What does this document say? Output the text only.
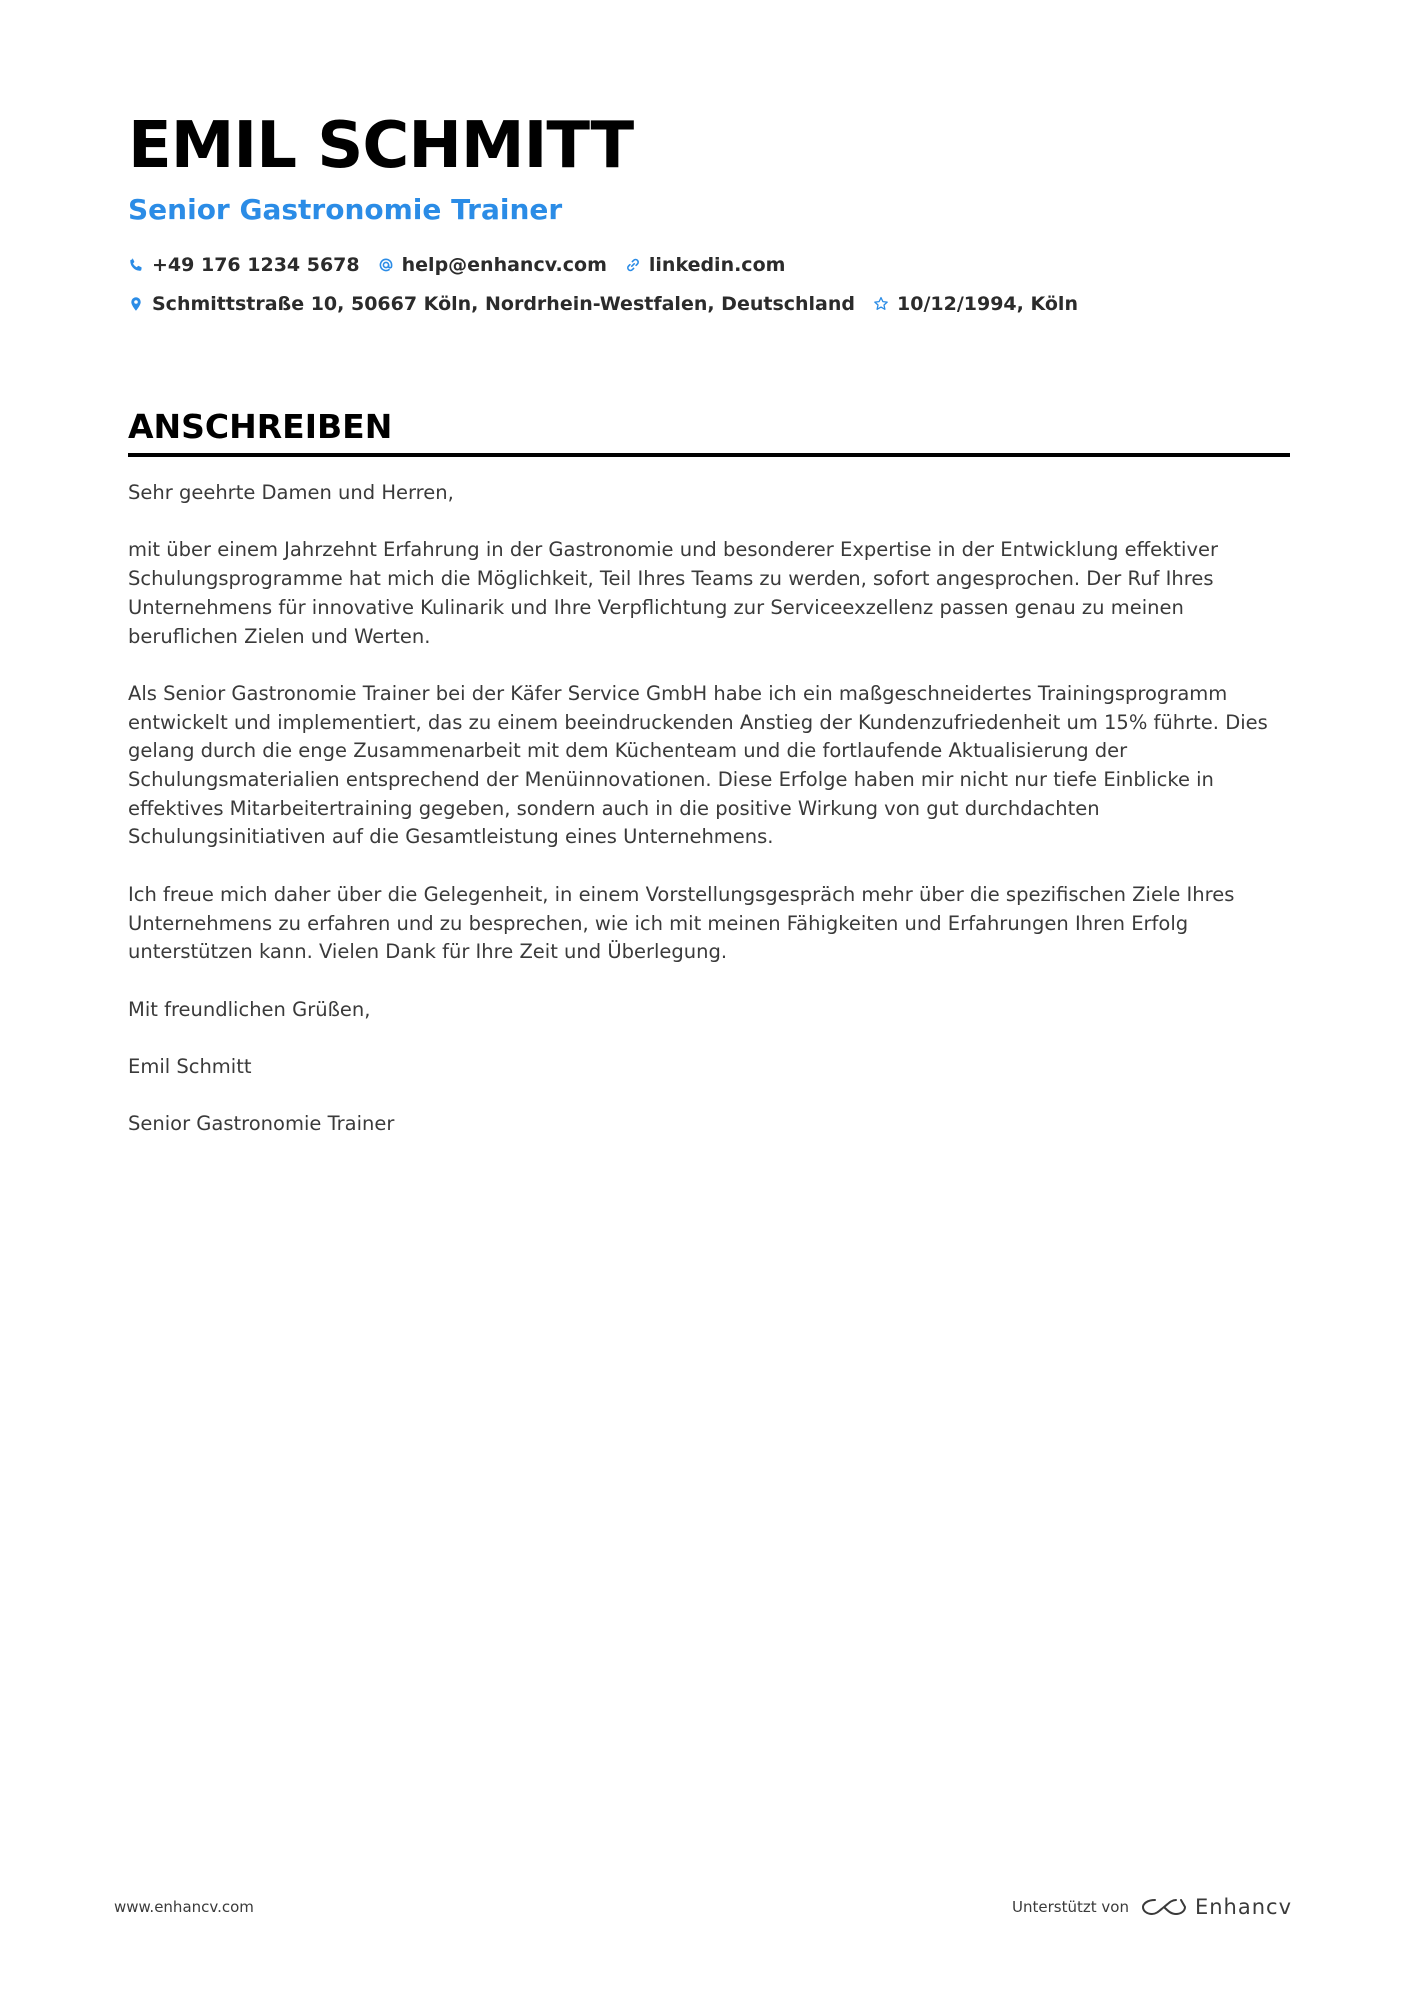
EMIL SCHMITT
Senior Gastronomie Trainer
+49 176 1234 5678 help@enhancv.com linkedin.com
Schmittstraße 10, 50667 Köln, Nordrhein-Westfalen, Deutschland 10/12/1994, Köln
ANSCHREIBEN

Sehr geehrte Damen und Herren,

mit über einem Jahrzehnt Erfahrung in der Gastronomie und besonderer Expertise in der Entwicklung effektiver Schulungsprogramme hat mich die Möglichkeit, Teil Ihres Teams zu werden, sofort angesprochen. Der Ruf Ihres Unternehmens für innovative Kulinarik und Ihre Verpflichtung zur Serviceexzellenz passen genau zu meinen beruflichen Zielen und Werten.

Als Senior Gastronomie Trainer bei der Käfer Service GmbH habe ich ein maßgeschneidertes Trainingsprogramm entwickelt und implementiert, das zu einem beeindruckenden Anstieg der Kundenzufriedenheit um 15% führte. Dies gelang durch die enge Zusammenarbeit mit dem Küchenteam und die fortlaufende Aktualisierung der Schulungsmaterialien entsprechend der Menüinnovationen. Diese Erfolge haben mir nicht nur tiefe Einblicke in effektives Mitarbeitertraining gegeben, sondern auch in die positive Wirkung von gut durchdachten Schulungsinitiativen auf die Gesamtleistung eines Unternehmens.

Ich freue mich daher über die Gelegenheit, in einem Vorstellungsgespräch mehr über die spezifischen Ziele Ihres Unternehmens zu erfahren und zu besprechen, wie ich mit meinen Fähigkeiten und Erfahrungen Ihren Erfolg unterstützen kann. Vielen Dank für Ihre Zeit und Überlegung.

Mit freundlichen Grüßen,

Emil Schmitt

Senior Gastronomie Trainer

www.enhancv.com	Unterstützt von	Enhancv
